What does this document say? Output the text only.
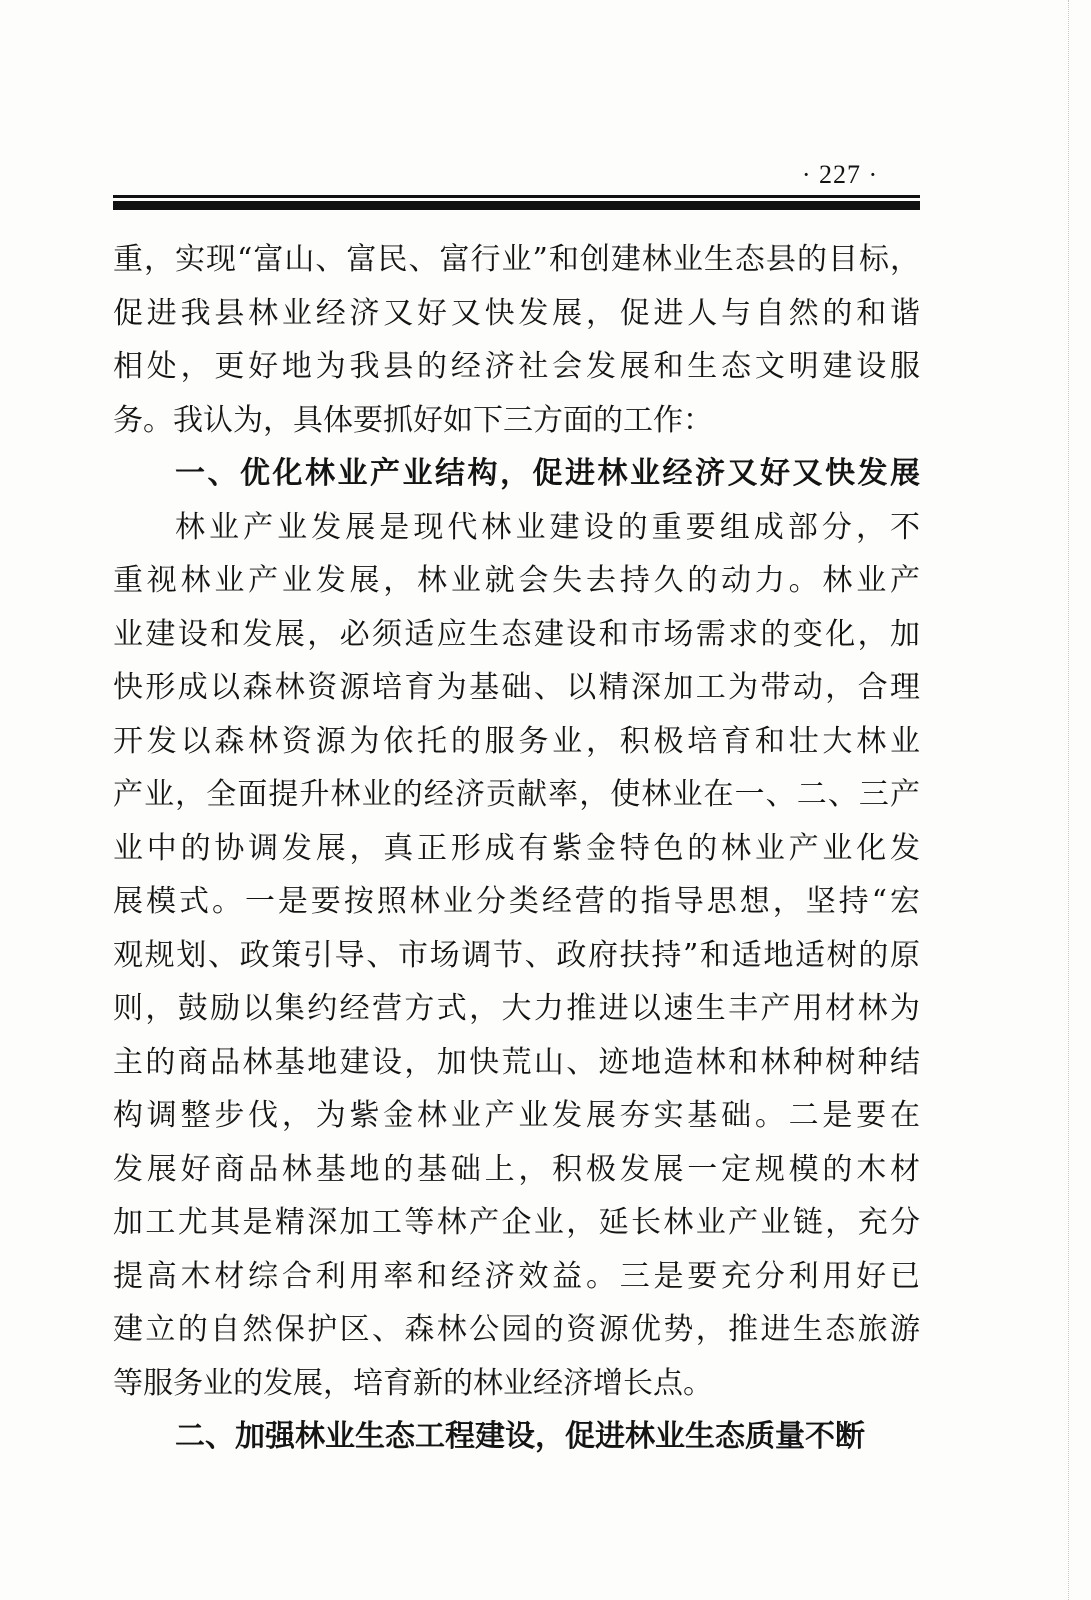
· 227 ·
重，实现“富山、富民、富行业”和创建林业生态县的目标，
促进我县林业经济又好又快发展，促进人与自然的和谐
相处，更好地为我县的经济社会发展和生态文明建设服
务。我认为，具体要抓好如下三方面的工作：
一、优化林业产业结构，促进林业经济又好又快发展
林业产业发展是现代林业建设的重要组成部分，不
重视林业产业发展，林业就会失去持久的动力。林业产
业建设和发展，必须适应生态建设和市场需求的变化，加
快形成以森林资源培育为基础、以精深加工为带动，合理
开发以森林资源为依托的服务业，积极培育和壮大林业
产业，全面提升林业的经济贡献率，使林业在一、二、三产
业中的协调发展，真正形成有紫金特色的林业产业化发
展模式。一是要按照林业分类经营的指导思想，坚持“宏
观规划、政策引导、市场调节、政府扶持”和适地适树的原
则，鼓励以集约经营方式，大力推进以速生丰产用材林为
主的商品林基地建设，加快荒山、迹地造林和林种树种结
构调整步伐，为紫金林业产业发展夯实基础。二是要在
发展好商品林基地的基础上，积极发展一定规模的木材
加工尤其是精深加工等林产企业，延长林业产业链，充分
提高木材综合利用率和经济效益。三是要充分利用好已
建立的自然保护区、森林公园的资源优势，推进生态旅游
等服务业的发展，培育新的林业经济增长点。
二、加强林业生态工程建设，促进林业生态质量不断
